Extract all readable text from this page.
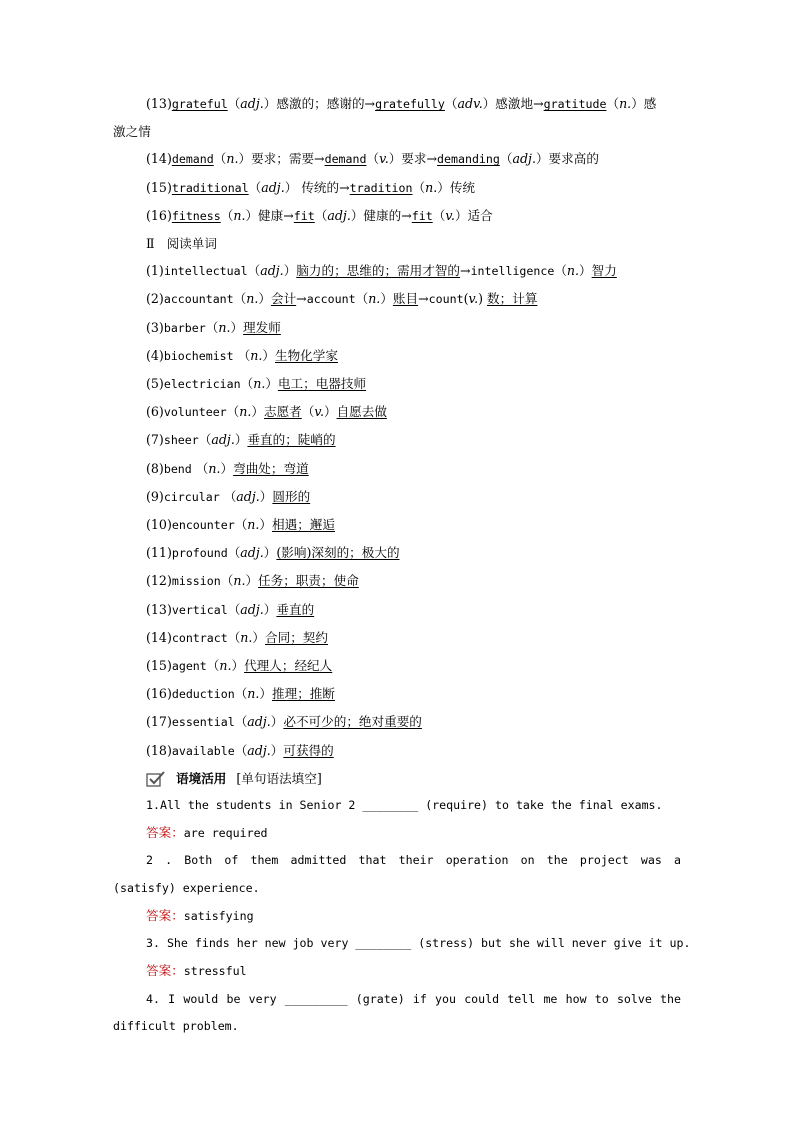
(13)grateful（adj.）感激的；感谢的→gratefully（adv.）感激地→gratitude（n.）感
激之情
(14)demand（n.）要求；需要→demand（v.）要求→demanding（adj.）要求高的
(15)traditional（adj.） 传统的→tradition（n.）传统
(16)fitness（n.）健康→fit（adj.）健康的→fit（v.）适合
Ⅱ 阅读单词
(1)intellectual（adj.）脑力的；思维的；需用才智的→intelligence（n.）智力
(2)accountant（n.）会计→account（n.）账目→count(v.) 数；计算
(3)barber（n.）理发师
(4)biochemist （n.）生物化学家
(5)electrician（n.）电工；电器技师
(6)volunteer（n.）志愿者（v.）自愿去做
(7)sheer（adj.）垂直的；陡峭的
(8)bend （n.）弯曲处；弯道
(9)circular （adj.）圆形的
(10)encounter（n.）相遇；邂逅
(11)profound（adj.）(影响)深刻的；极大的
(12)mission（n.）任务；职责；使命
(13)vertical（adj.）垂直的
(14)contract（n.）合同；契约
(15)agent（n.）代理人；经纪人
(16)deduction（n.）推理；推断
(17)essential（adj.）必不可少的；绝对重要的
(18)available（adj.）可获得的
语境活用 [单句语法填空]
1.All the students in Senior 2 ________ (require) to take the final exams.
答案：are required
2 . Both of them admitted that their operation on the project was a (satisfy) experience.
答案：satisfying
3. She finds her new job very ________ (stress) but she will never give it up.
答案：stressful
4. I would be very _________ (grate) if you could tell me how to solve the difficult problem.
